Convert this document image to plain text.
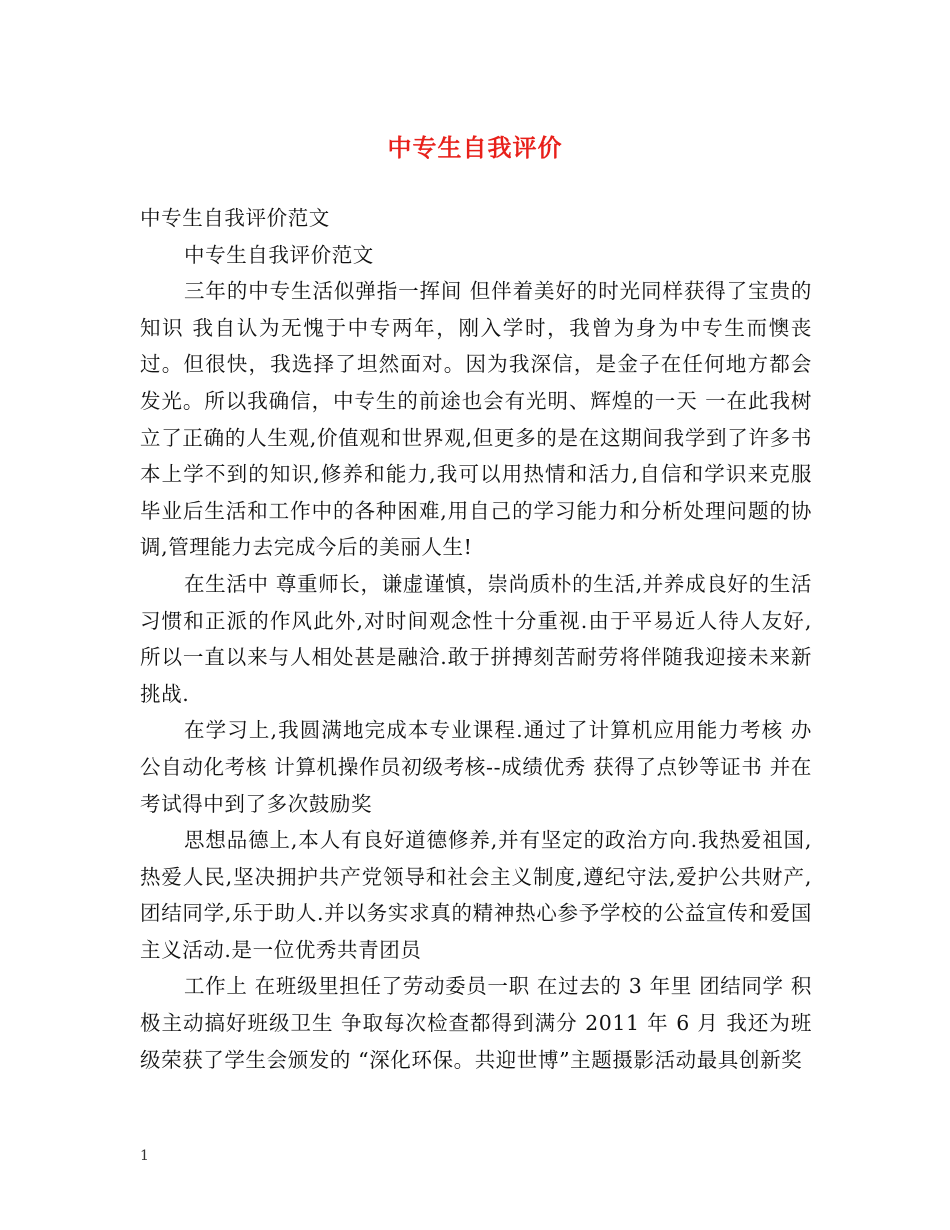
中专生自我评价

中专生自我评价范文

中专生自我评价范文

三年的中专生活似弹指一挥间 但伴着美好的时光同样获得了宝贵的知识 我自认为无愧于中专两年，刚入学时，我曾为身为中专生而懊丧过。但很快，我选择了坦然面对。因为我深信，是金子在任何地方都会发光。所以我确信，中专生的前途也会有光明、辉煌的一天 一在此我树立了正确的人生观,价值观和世界观,但更多的是在这期间我学到了许多书本上学不到的知识,修养和能力,我可以用热情和活力,自信和学识来克服毕业后生活和工作中的各种困难,用自己的学习能力和分析处理问题的协调,管理能力去完成今后的美丽人生!

在生活中 尊重师长，谦虚谨慎，崇尚质朴的生活,并养成良好的生活习惯和正派的作风此外,对时间观念性十分重视.由于平易近人待人友好,所以一直以来与人相处甚是融洽.敢于拼搏刻苦耐劳将伴随我迎接未来新挑战.

在学习上,我圆满地完成本专业课程.通过了计算机应用能力考核 办公自动化考核 计算机操作员初级考核--成绩优秀 获得了点钞等证书 并在考试得中到了多次鼓励奖

思想品德上,本人有良好道德修养,并有坚定的政治方向.我热爱祖国,热爱人民,坚决拥护共产党领导和社会主义制度,遵纪守法,爱护公共财产,团结同学,乐于助人.并以务实求真的精神热心参予学校的公益宣传和爱国主义活动.是一位优秀共青团员

工作上 在班级里担任了劳动委员一职 在过去的 3 年里 团结同学 积极主动搞好班级卫生 争取每次检查都得到满分 2011 年 6 月 我还为班级荣获了学生会颁发的 “深化环保。共迎世博”主题摄影活动最具创新奖

1
